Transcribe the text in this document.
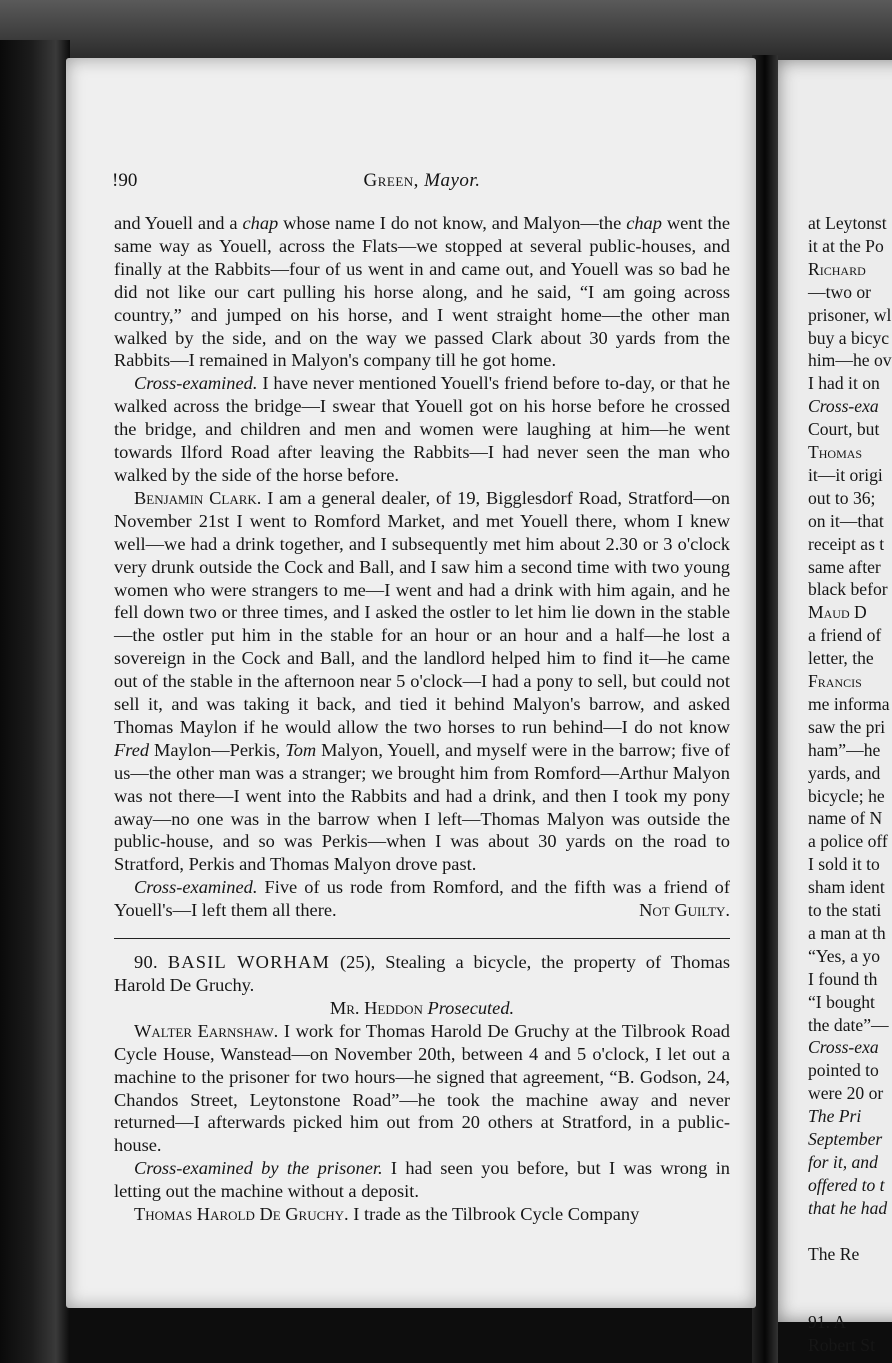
!90	Green, Mayor.

and Youell and a chap whose name I do not know, and Malyon—the chap went the same way as Youell, across the Flats—we stopped at several public-houses, and finally at the Rabbits—four of us went in and came out, and Youell was so bad he did not like our cart pulling his horse along, and he said, “I am going across country,” and jumped on his horse, and I went straight home—the other man walked by the side, and on the way we passed Clark about 30 yards from the Rabbits—I remained in Malyon's company till he got home.

Cross-examined. I have never mentioned Youell's friend before to-day, or that he walked across the bridge—I swear that Youell got on his horse before he crossed the bridge, and children and men and women were laughing at him—he went towards Ilford Road after leaving the Rabbits—I had never seen the man who walked by the side of the horse before.

Benjamin Clark. I am a general dealer, of 19, Bigglesdorf Road, Stratford—on November 21st I went to Romford Market, and met Youell there, whom I knew well—we had a drink together, and I subsequently met him about 2.30 or 3 o'clock very drunk outside the Cock and Ball, and I saw him a second time with two young women who were strangers to me—I went and had a drink with him again, and he fell down two or three times, and I asked the ostler to let him lie down in the stable—the ostler put him in the stable for an hour or an hour and a half—he lost a sovereign in the Cock and Ball, and the landlord helped him to find it—he came out of the stable in the afternoon near 5 o'clock—I had a pony to sell, but could not sell it, and was taking it back, and tied it behind Malyon's barrow, and asked Thomas Maylon if he would allow the two horses to run behind—I do not know Fred Maylon—Perkis, Tom Malyon, Youell, and myself were in the barrow; five of us—the other man was a stranger; we brought him from Romford—Arthur Malyon was not there—I went into the Rabbits and had a drink, and then I took my pony away—no one was in the barrow when I left—Thomas Malyon was outside the public-house, and so was Perkis—when I was about 30 yards on the road to Stratford, Perkis and Thomas Malyon drove past.

Cross-examined. Five of us rode from Romford, and the fifth was a friend of Youell's—I left them all there.	Not Guilty.

90. BASIL WORHAM (25), Stealing a bicycle, the property of Thomas Harold De Gruchy.

Mr. Heddon Prosecuted.

Walter Earnshaw. I work for Thomas Harold De Gruchy at the Tilbrook Road Cycle House, Wanstead—on November 20th, between 4 and 5 o'clock, I let out a machine to the prisoner for two hours—he signed that agreement, “B. Godson, 24, Chandos Street, Leytonstone Road”—he took the machine away and never returned—I afterwards picked him out from 20 others at Stratford, in a public-house.

Cross-examined by the prisoner. I had seen you before, but I was wrong in letting out the machine without a deposit.

Thomas Harold De Gruchy. I trade as the Tilbrook Cycle Company

at Leytonst
it at the Po
Richard
—two or
prisoner, wl
buy a bicyc
him—he ov
I had it on
Cross-exa
Court, but
Thomas
it—it origi
out to 36;
on it—that
receipt as t
same after
black befor
Maud D
a friend of
letter, the
Francis
me informa
saw the pri
ham”—he
yards, and
bicycle; he
name of N
a police off
I sold it to
sham ident
to the stati
a man at th
“Yes, a yo
I found th
“I bought
the date”—
Cross-exa
pointed to
were 20 or
The Pri
September
for it, and
offered to t
that he had
The Re
91. A
Robert St
